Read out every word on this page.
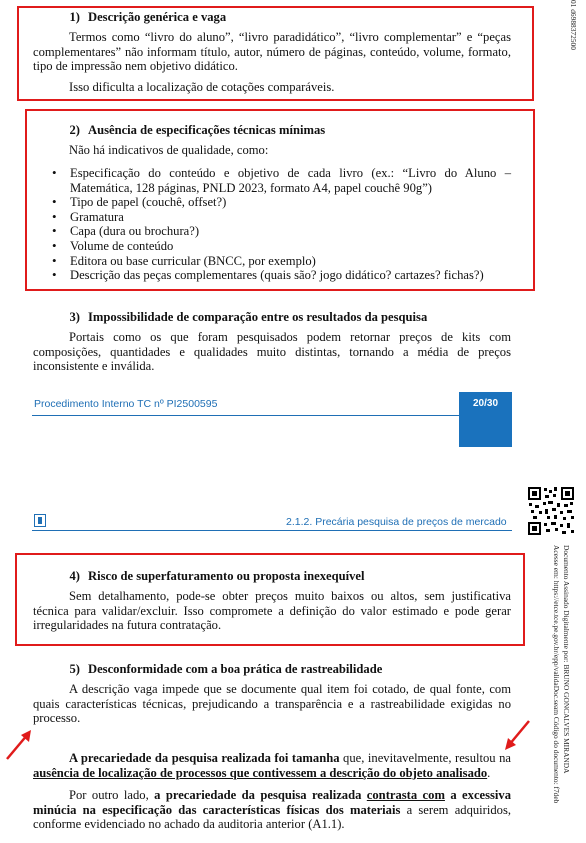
1) Descrição genérica e vaga
Termos como “livro do aluno”, “livro paradidático”, “livro complementar” e “peças complementares” não informam título, autor, número de páginas, conteúdo, volume, formato, tipo de impressão nem objetivo didático.
Isso dificulta a localização de cotações comparáveis.
2) Ausência de especificações técnicas mínimas
Não há indicativos de qualidade, como:
• Especificação do conteúdo e objetivo de cada livro (ex.: “Livro do Aluno – Matemática, 128 páginas, PNLD 2023, formato A4, papel couchê 90g”)
• Tipo de papel (couchê, offset?)
• Gramatura
• Capa (dura ou brochura?)
• Volume de conteúdo
• Editora ou base curricular (BNCC, por exemplo)
• Descrição das peças complementares (quais são? jogo didático? cartazes? fichas?)
3) Impossibilidade de comparação entre os resultados da pesquisa
Portais como os que foram pesquisados podem retornar preços de kits com composições, quantidades e qualidades muito distintas, tornando a média de preços inconsistente e inválida.
Procedimento Interno TC nº PI2500595	20/30
01 d6988372500
2.1.2. Precária pesquisa de preços de mercado
Documento Assinado Digitalmente por: BRUNO GONCALVES MIRANDA
Acesse em: https://etce.tce.pe.gov.br/epp/validaDoc.seam Código do documento: f7deb
4) Risco de superfaturamento ou proposta inexequível
Sem detalhamento, pode-se obter preços muito baixos ou altos, sem justificativa técnica para validar/excluir. Isso compromete a definição do valor estimado e pode gerar irregularidades na futura contratação.
5) Desconformidade com a boa prática de rastreabilidade
A descrição vaga impede que se documente qual item foi cotado, de qual fonte, com quais características técnicas, prejudicando a transparência e a rastreabilidade exigidas no processo.
A precariedade da pesquisa realizada foi tamanha que, inevitavelmente, resultou na ausência de localização de processos que contivessem a descrição do objeto analisado.
Por outro lado, a precariedade da pesquisa realizada contrasta com a excessiva minúcia na especificação das características físicas dos materiais a serem adquiridos, conforme evidenciado no achado da auditoria anterior (A1.1).
